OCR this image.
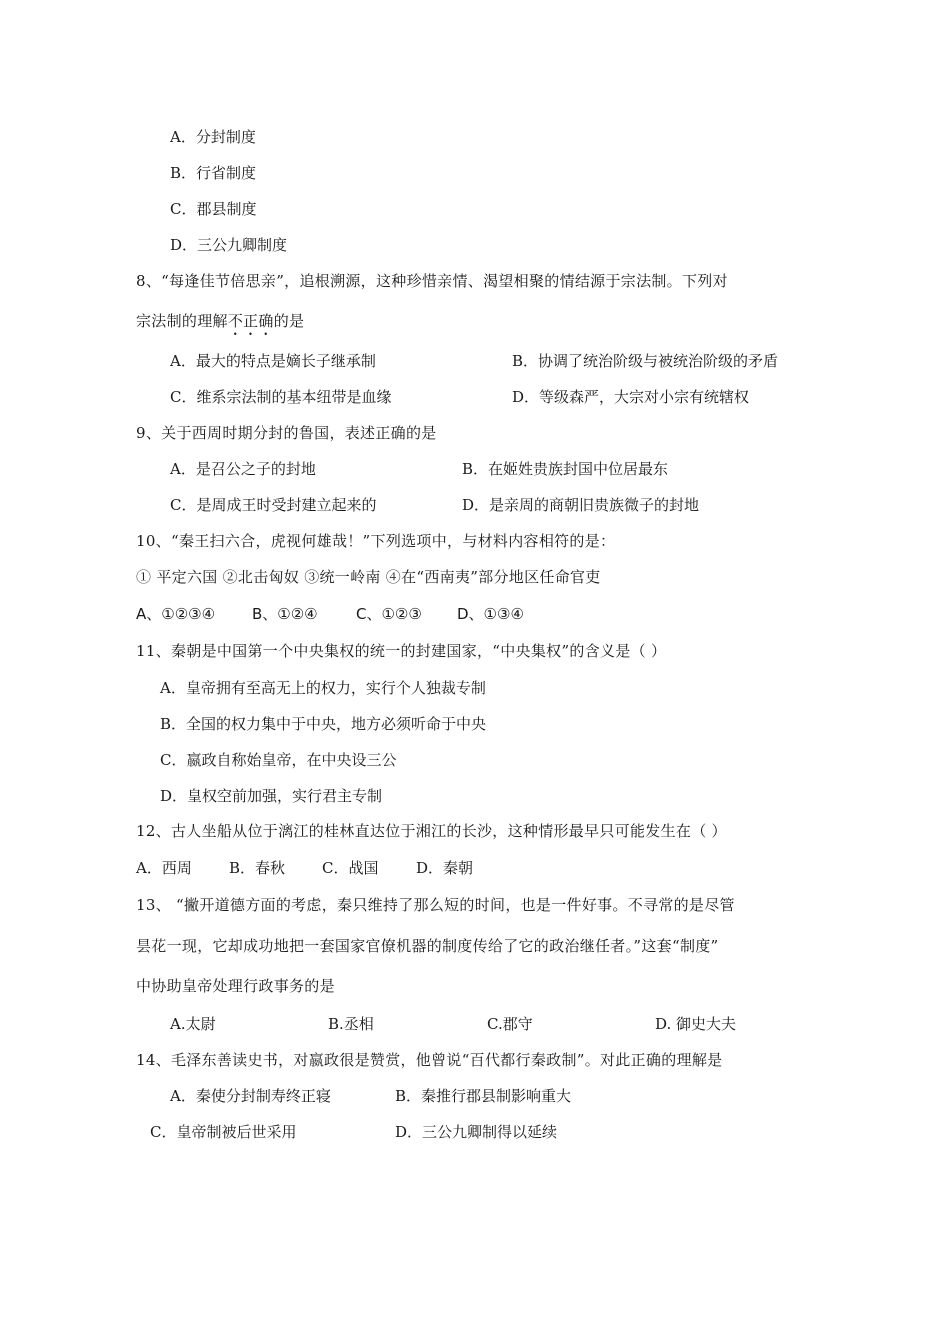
A．分封制度
B．行省制度
C．郡县制度
D．三公九卿制度
8、“每逢佳节倍思亲”，追根溯源，这种珍惜亲情、渴望相聚的情结源于宗法制。下列对
宗法制的理解不正确的是
A．最大的特点是嫡长子继承制	B．协调了统治阶级与被统治阶级的矛盾
C．维系宗法制的基本纽带是血缘	D．等级森严，大宗对小宗有统辖权
9、关于西周时期分封的鲁国，表述正确的是
A．是召公之子的封地	B．在姬姓贵族封国中位居最东
C．是周成王时受封建立起来的	D．是亲周的商朝旧贵族微子的封地
10、“秦王扫六合，虎视何雄哉！”下列选项中，与材料内容相符的是：
① 平定六国 ②北击匈奴 ③统一岭南 ④在“西南夷”部分地区任命官吏
A、①②③④ B、①②④	C、①②③ D、①③④
11、秦朝是中国第一个中央集权的统一的封建国家，“中央集权”的含义是（ ）
A．皇帝拥有至高无上的权力，实行个人独裁专制
B．全国的权力集中于中央，地方必须听命于中央
C．嬴政自称始皇帝，在中央设三公
D．皇权空前加强，实行君主专制
12、古人坐船从位于漓江的桂林直达位于湘江的长沙，这种情形最早只可能发生在（ ）
A．西周 B．春秋 C．战国	D．秦朝
13、 “撇开道德方面的考虑，秦只维持了那么短的时间，也是一件好事。不寻常的是尽管
昙花一现，它却成功地把一套国家官僚机器的制度传给了它的政治继任者。”这套“制度”
中协助皇帝处理行政事务的是
A.太尉	B.丞相	C.郡守	D. 御史大夫
14、毛泽东善读史书，对嬴政很是赞赏，他曾说“百代都行秦政制”。对此正确的理解是
A．秦使分封制寿终正寝	B．秦推行郡县制影响重大
C．皇帝制被后世采用	D．三公九卿制得以延续
